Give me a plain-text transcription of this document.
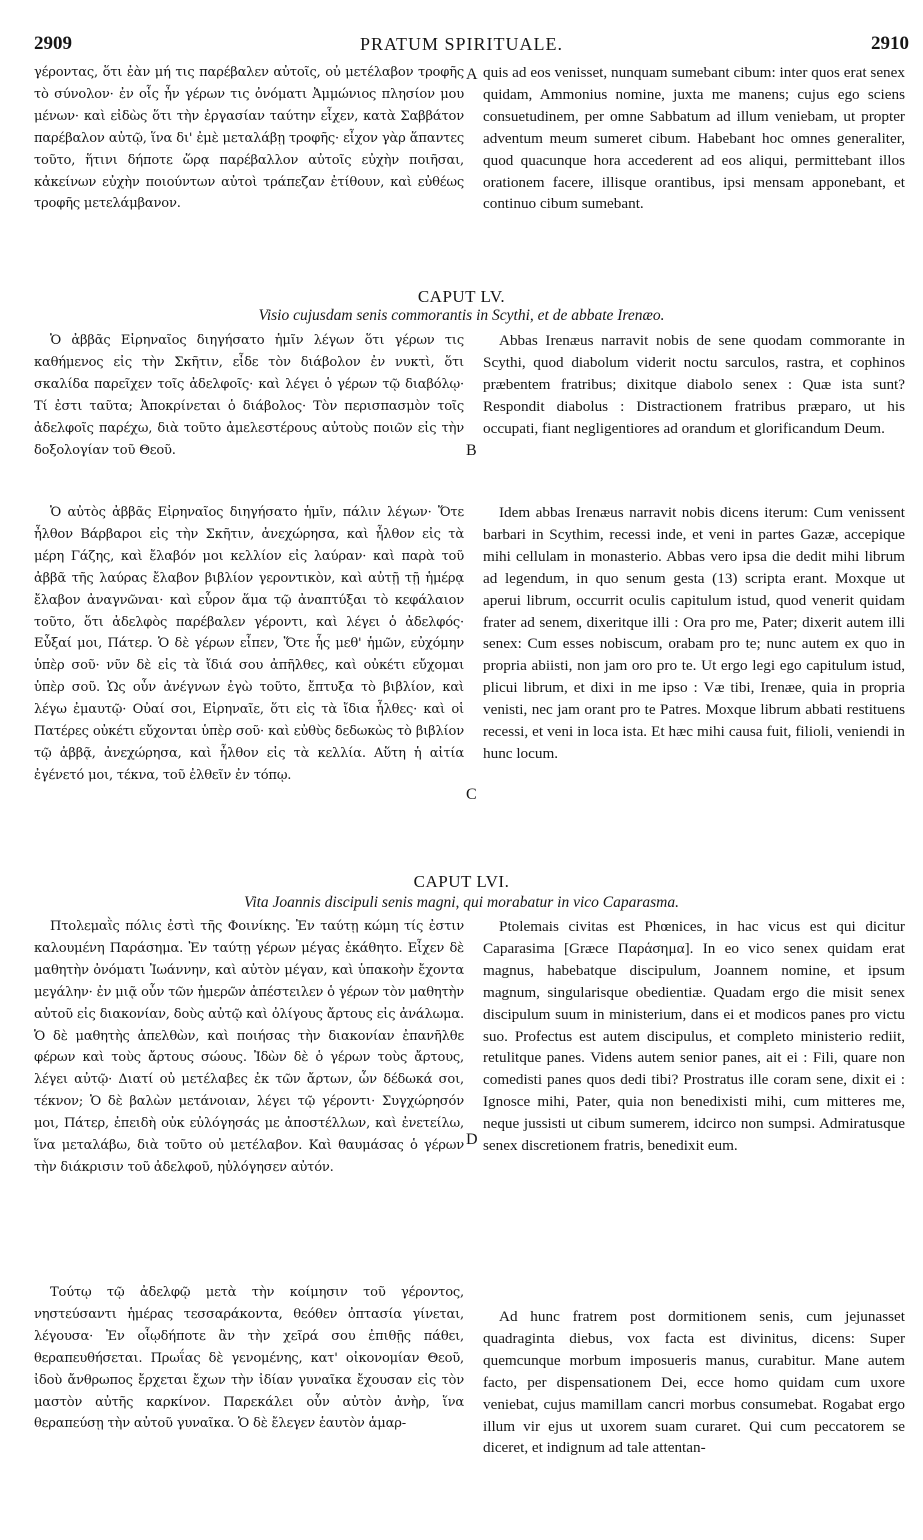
2909	PRATUM SPIRITUALE.	2910

γέροντας, ὅτι ἐὰν μή τις παρέβαλεν αὐτοῖς, οὐ μετέλαβον τροφῆς τὸ σύνολον· ἐν οἷς ἦν γέρων τις ὀνόματι Ἀμμώνιος πλησίον μου μένων· καὶ εἰδὼς ὅτι τὴν ἐργασίαν ταύτην εἶχεν, κατὰ Σαββάτον παρέβαλον αὐτῷ, ἵνα δι' ἐμὲ μεταλάβῃ τροφῆς· εἶχον γὰρ ἅπαντες τοῦτο, ἥτινι δήποτε ὥρᾳ παρέβαλλον αὐτοῖς εὐχὴν ποιῆσαι, κἀκείνων εὐχὴν ποιούντων αὐτοὶ τράπεζαν ἐτίθουν, καὶ εὐθέως τροφῆς μετελάμβανον.

quis ad eos venisset, nunquam sumebant cibum: inter quos erat senex quidam, Ammonius nomine, juxta me manens; cujus ego sciens consuetudinem, per omne Sabbatum ad illum veniebam, ut propter adventum meum sumeret cibum. Habebant hoc omnes generaliter, quod quacunque hora accederent ad eos aliqui, permittebant illos orationem facere, illisque orantibus, ipsi mensam apponebant, et continuo cibum sumebant.

CAPUT LV.
Visio cujusdam senis commorantis in Scythi, et de abbate Irenæo.

Ὁ ἀββᾶς Εἰρηναῖος διηγήσατο ἡμῖν λέγων ὅτι γέρων τις καθήμενος εἰς τὴν Σκῆτιν, εἶδε τὸν διάβολον ἐν νυκτὶ, ὅτι σκαλίδα παρεῖχεν τοῖς ἀδελφοῖς· καὶ λέγει ὁ γέρων τῷ διαβόλῳ· Τί ἐστι ταῦτα; Ἀποκρίνεται ὁ διάβολος· Τὸν περισπασμὸν τοῖς ἀδελφοῖς παρέχω, διὰ τοῦτο ἀμελεστέρους αὐτοὺς ποιῶν εἰς τὴν δοξολογίαν τοῦ Θεοῦ.

Ὁ αὐτὸς ἀββᾶς Εἰρηναῖος διηγήσατο ἡμῖν, πάλιν λέγων· Ὅτε ἦλθον Βάρβαροι εἰς τὴν Σκῆτιν, ἀνεχώρησα, καὶ ἦλθον εἰς τὰ μέρη Γάζης, καὶ ἔλαβόν μοι κελλίον εἰς λαύραν· καὶ παρὰ τοῦ ἀββᾶ τῆς λαύρας ἔλαβον βιβλίον γεροντικὸν, καὶ αὐτῇ τῇ ἡμέρᾳ ἔλαβον ἀναγνῶναι· καὶ εὗρον ἅμα τῷ ἀναπτύξαι τὸ κεφάλαιον τοῦτο, ὅτι ἀδελφὸς παρέβαλεν γέροντι, καὶ λέγει ὁ ἀδελφός· Εὖξαί μοι, Πάτερ. Ὁ δὲ γέρων εἶπεν, Ὅτε ἧς μεθ' ἡμῶν, εὐχόμην ὑπὲρ σοῦ· νῦν δὲ εἰς τὰ ἴδιά σου ἀπῆλθες, καὶ οὐκέτι εὔχομαι ὑπὲρ σοῦ. Ὡς οὖν ἀνέγνων ἐγὼ τοῦτο, ἔπτυξα τὸ βιβλίον, καὶ λέγω ἐμαυτῷ· Οὐαί σοι, Εἰρηναῖε, ὅτι εἰς τὰ ἴδια ἦλθες· καὶ οἱ Πατέρες οὐκέτι εὔχονται ὑπὲρ σοῦ· καὶ εὐθὺς δεδωκὼς τὸ βιβλίον τῷ ἀββᾷ, ἀνεχώρησα, καὶ ἦλθον εἰς τὰ κελλία. Αὕτη ἡ αἰτία ἐγένετό μοι, τέκνα, τοῦ ἐλθεῖν ἐν τόπῳ.

Abbas Irenæus narravit nobis de sene quodam commorante in Scythi, quod diabolum viderit noctu sarculos, rastra, et cophinos præbentem fratribus; dixitque diabolo senex : Quæ ista sunt? Respondit diabolus : Distractionem fratribus præparo, ut his occupati, fiant negligentiores ad orandum et glorificandum Deum.

Idem abbas Irenæus narravit nobis dicens iterum: Cum venissent barbari in Scythim, recessi inde, et veni in partes Gazæ, accepique mihi cellulam in monasterio. Abbas vero ipsa die dedit mihi librum ad legendum, in quo senum gesta (13) scripta erant. Moxque ut aperui librum, occurrit oculis capitulum istud, quod venerit quidam frater ad senem, dixeritque illi : Ora pro me, Pater; dixerit autem illi senex: Cum esses nobiscum, orabam pro te; nunc autem ex quo in propria abiisti, non jam oro pro te. Ut ergo legi ego capitulum istud, plicui librum, et dixi in me ipso : Væ tibi, Irenæe, quia in propria venisti, nec jam orant pro te Patres. Moxque librum abbati restituens recessi, et veni in loca ista. Et hæc mihi causa fuit, filioli, veniendi in hunc locum.

CAPUT LVI.
Vita Joannis discipuli senis magni, qui morabatur in vico Caparasma.

Πτολεμαῒς πόλις ἐστὶ τῆς Φοινίκης. Ἐν ταύτῃ κώμη τίς ἐστιν καλουμένη Παράσημα. Ἐν ταύτῃ γέρων μέγας ἐκάθητο. Εἶχεν δὲ μαθητὴν ὀνόματι Ἰωάννην, καὶ αὐτὸν μέγαν, καὶ ὑπακοὴν ἔχοντα μεγάλην· ἐν μιᾷ οὖν τῶν ἡμερῶν ἀπέστειλεν ὁ γέρων τὸν μαθητὴν αὐτοῦ εἰς διακονίαν, δοὺς αὐτῷ καὶ ὀλίγους ἄρτους εἰς ἀνάλωμα. Ὁ δὲ μαθητὴς ἀπελθὼν, καὶ ποιήσας τὴν διακονίαν ἐπανῆλθε φέρων καὶ τοὺς ἄρτους σώους. Ἰδὼν δὲ ὁ γέρων τοὺς ἄρτους, λέγει αὐτῷ· Διατί οὐ μετέλαβες ἐκ τῶν ἄρτων, ὧν δέδωκά σοι, τέκνον; Ὁ δὲ βαλὼν μετάνοιαν, λέγει τῷ γέροντι· Συγχώρησόν μοι, Πάτερ, ἐπειδὴ οὐκ εὐλόγησάς με ἀποστέλλων, καὶ ἐνετείλω, ἵνα μεταλάβω, διὰ τοῦτο οὐ μετέλαβον. Καὶ θαυμάσας ὁ γέρων τὴν διάκρισιν τοῦ ἀδελφοῦ, ηὐλόγησεν αὐτόν.

Τούτῳ τῷ ἀδελφῷ μετὰ τὴν κοίμησιν τοῦ γέροντος, νηστεύσαντι ἡμέρας τεσσαράκοντα, θεόθεν ὀπτασία γίνεται, λέγουσα· Ἐν οἷῳδήποτε ἂν τὴν χεῖρά σου ἐπιθῇς πάθει, θεραπευθήσεται. Πρωΐας δὲ γενομένης, κατ' οἰκονομίαν Θεοῦ, ἰδοὺ ἄνθρωπος ἔρχεται ἔχων τὴν ἰδίαν γυναῖκα ἔχουσαν εἰς τὸν μαστὸν αὐτῆς καρκίνον. Παρεκάλει οὖν αὐτὸν ἀνὴρ, ἵνα θεραπεύσῃ τὴν αὐτοῦ γυναῖκα. Ὁ δὲ ἔλεγεν ἑαυτὸν ἁμαρ-

Ptolemais civitas est Phœnices, in hac vicus est qui dicitur Caparasima [Græce Παράσημα]. In eo vico senex quidam erat magnus, habebatque discipulum, Joannem nomine, et ipsum magnum, singularisque obedientiæ. Quadam ergo die misit senex discipulum suum in ministerium, dans ei et modicos panes pro victu suo. Profectus est autem discipulus, et completo ministerio rediit, retulitque panes. Videns autem senior panes, ait ei : Fili, quare non comedisti panes quos dedi tibi? Prostratus ille coram sene, dixit ei : Ignosce mihi, Pater, quia non benedixisti mihi, cum mitteres me, neque jussisti ut cibum sumerem, idcirco non sumpsi. Admiratusque senex discretionem fratris, benedixit eum.

Ad hunc fratrem post dormitionem senis, cum jejunasset quadraginta diebus, vox facta est divinitus, dicens: Super quemcunque morbum imposueris manus, curabitur. Mane autem facto, per dispensationem Dei, ecce homo quidam cum uxore veniebat, cujus mamillam cancri morbus consumebat. Rogabat ergo illum vir ejus ut uxorem suam curaret. Qui cum peccatorem se diceret, et indignum ad tale attentan-

A
B
C
D
